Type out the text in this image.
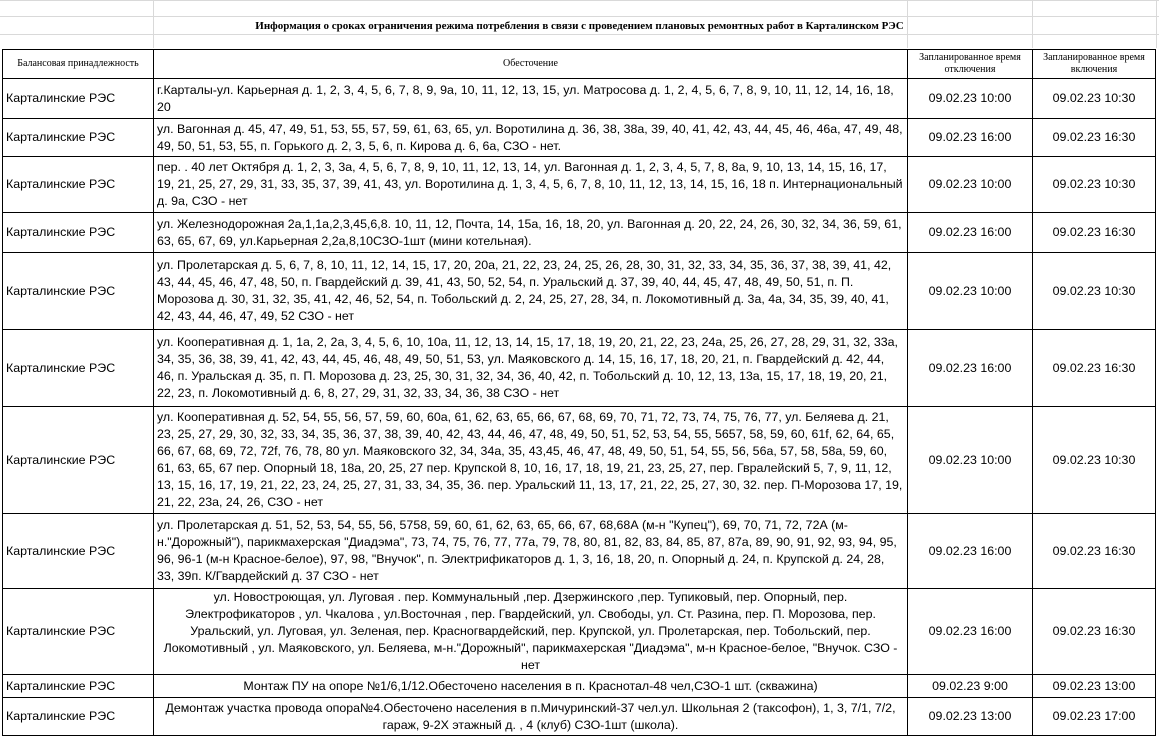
Информация о сроках ограничения режима потребления в связи с проведением плановых ремонтных работ в Карталинском РЭС
Балансовая принадлежность	Обесточение	Запланированное время отключения	Запланированное время включения
Карталинские РЭС	г.Карталы-ул. Карьерная д. 1, 2, 3, 4, 5, 6, 7, 8, 9, 9а, 10, 11, 12, 13, 15, ул. Матросова д. 1, 2, 4, 5, 6, 7, 8, 9, 10, 11, 12, 14, 16, 18, 20	09.02.23 10:00	09.02.23 10:30
Карталинские РЭС	ул. Вагонная д. 45, 47, 49, 51, 53, 55, 57, 59, 61, 63, 65, ул. Воротилина д. 36, 38, 38а, 39, 40, 41, 42, 43, 44, 45, 46, 46а, 47, 49, 48, 49, 50, 51, 53, 55, п. Горького д. 2, 3, 5, 6, п. Кирова д. 6, 6а, СЗО - нет.	09.02.23 16:00	09.02.23 16:30
Карталинские РЭС	пер. . 40 лет Октября д. 1, 2, 3, 3а, 4, 5, 6, 7, 8, 9, 10, 11, 12, 13, 14, ул. Вагонная д. 1, 2, 3, 4, 5, 7, 8, 8а, 9, 10, 13, 14, 15, 16, 17, 19, 21, 25, 27, 29, 31, 33, 35, 37, 39, 41, 43, ул. Воротилина д. 1, 3, 4, 5, 6, 7, 8, 10, 11, 12, 13, 14, 15, 16, 18 п. Интернациональный д. 9а, СЗО - нет	09.02.23 10:00	09.02.23 10:30
Карталинские РЭС	ул. Железнодорожная 2а,1,1а,2,3,45,6,8. 10, 11, 12, Почта, 14, 15а, 16, 18, 20, ул. Вагонная д. 20, 22, 24, 26, 30, 32, 34, 36, 59, 61, 63, 65, 67, 69, ул.Карьерная 2,2а,8,10СЗО-1шт (мини котельная).	09.02.23 16:00	09.02.23 16:30
Карталинские РЭС	ул. Пролетарская д. 5, 6, 7, 8, 10, 11, 12, 14, 15, 17, 20, 20а, 21, 22, 23, 24, 25, 26, 28, 30, 31, 32, 33, 34, 35, 36, 37, 38, 39, 41, 42, 43, 44, 45, 46, 47, 48, 50, п. Гвардейский д. 39, 41, 43, 50, 52, 54, п. Уральский д. 37, 39, 40, 44, 45, 47, 48, 49, 50, 51, п. П. Морозова д. 30, 31, 32, 35, 41, 42, 46, 52, 54, п. Тобольский д. 2, 24, 25, 27, 28, 34, п. Локомотивный д. 3а, 4а, 34, 35, 39, 40, 41, 42, 43, 44, 46, 47, 49, 52 СЗО - нет	09.02.23 10:00	09.02.23 10:30
Карталинские РЭС	ул. Кооперативная д. 1, 1а, 2, 2а, 3, 4, 5, 6, 10, 10а, 11, 12, 13, 14, 15, 17, 18, 19, 20, 21, 22, 23, 24а, 25, 26, 27, 28, 29, 31, 32, 33а, 34, 35, 36, 38, 39, 41, 42, 43, 44, 45, 46, 48, 49, 50, 51, 53, ул. Маяковского д. 14, 15, 16, 17, 18, 20, 21, п. Гвардейский д. 42, 44, 46, п. Уральская д. 35, п. П. Морозова д. 23, 25, 30, 31, 32, 34, 36, 40, 42, п. Тобольский д. 10, 12, 13, 13а, 15, 17, 18, 19, 20, 21, 22, 23, п. Локомотивный д. 6, 8, 27, 29, 31, 32, 33, 34, 36, 38 СЗО - нет	09.02.23 16:00	09.02.23 16:30
Карталинские РЭС	ул. Кооперативная д. 52, 54, 55, 56, 57, 59, 60, 60а, 61, 62, 63, 65, 66, 67, 68, 69, 70, 71, 72, 73, 74, 75, 76, 77, ул. Беляева д. 21, 23, 25, 27, 29, 30, 32, 33, 34, 35, 36, 37, 38, 39, 40, 42, 43, 44, 46, 47, 48, 49, 50, 51, 52, 53, 54, 55, 5657, 58, 59, 60, 61f, 62, 64, 65, 66, 67, 68, 69, 72, 72f, 76, 78, 80 ул. Маяковского 32, 34, 34а, 35, 43,45, 46, 47, 48, 49, 50, 51, 54, 55, 56, 56а, 57, 58, 58а, 59, 60, 61, 63, 65, 67 пер. Опорный 18, 18а, 20, 25, 27 пер. Крупской 8, 10, 16, 17, 18, 19, 21, 23, 25, 27, пер. Гвралейский 5, 7, 9, 11, 12, 13, 15, 16, 17, 19, 21, 22, 23, 24, 25, 27, 31, 33, 34, 35, 36. пер. Уральский 11, 13, 17, 21, 22, 25, 27, 30, 32. пер. П-Морозова 17, 19, 21, 22, 23а, 24, 26, СЗО - нет	09.02.23 10:00	09.02.23 10:30
Карталинские РЭС	ул. Пролетарская д. 51, 52, 53, 54, 55, 56, 5758, 59, 60, 61, 62, 63, 65, 66, 67, 68,68А (м-н "Купец"), 69, 70, 71, 72, 72А (м-н."Дорожный"), парикмахерская "Диадэма", 73, 74, 75, 76, 77, 77а, 79, 78, 80, 81, 82, 83, 84, 85, 87, 87а, 89, 90, 91, 92, 93, 94, 95, 96, 96-1 (м-н Красное-белое), 97, 98, "Внучок", п. Электрификаторов д. 1, 3, 16, 18, 20, п. Опорный д. 24, п. Крупской д. 24, 28, 33, 39п. К/Гвардейский д. 37 СЗО - нет	09.02.23 16:00	09.02.23 16:30
Карталинские РЭС	ул. Новостроющая, ул. Луговая . пер. Коммунальный ,пер. Дзержинского ,пер. Тупиковый, пер. Опорный, пер. Электрофикаторов , ул. Чкалова , ул.Восточная , пер. Гвардейский, ул. Свободы, ул. Ст. Разина, пер. П. Морозова, пер. Уральский, ул. Луговая, ул. Зеленая, пер. Красногвардейский, пер. Крупской, ул. Пролетарская, пер. Тобольский, пер. Локомотивный , ул. Маяковского, ул. Беляева, м-н."Дорожный", парикмахерская "Диадэма", м-н Красное-белое, "Внучок. СЗО - нет	09.02.23 16:00	09.02.23 16:30
Карталинские РЭС	Монтаж ПУ на опоре №1/6,1/12.Обесточено населения в п. Краснотал-48 чел,СЗО-1 шт. (скважина)	09.02.23 9:00	09.02.23 13:00
Карталинские РЭС	Демонтаж участка провода опора№4.Обесточено населения в п.Мичуринский-37 чел.ул. Школьная 2 (таксофон), 1, 3, 7/1, 7/2, гараж, 9-2Х этажный д. , 4 (клуб) СЗО-1шт (школа).	09.02.23 13:00	09.02.23 17:00
